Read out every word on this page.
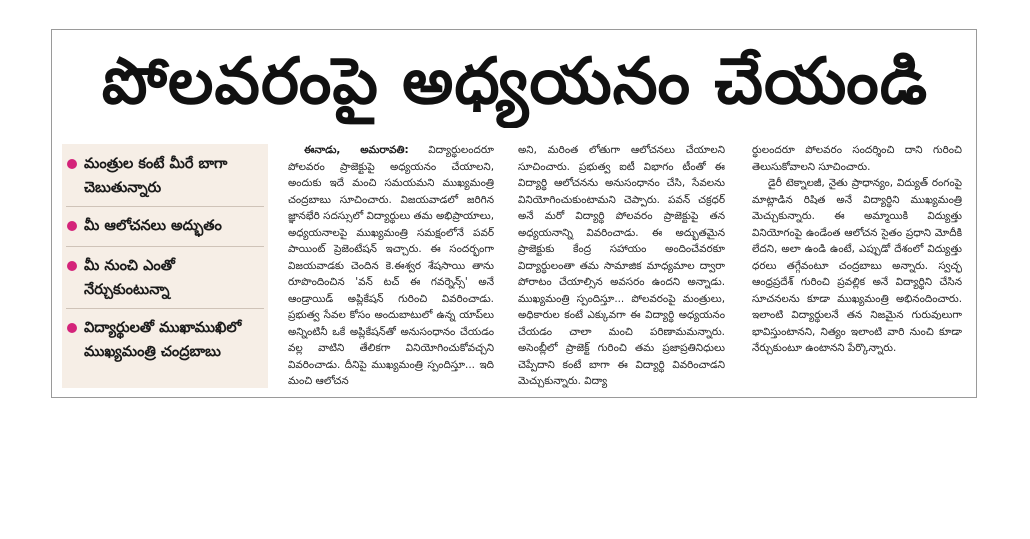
పోలవరంపై అధ్యయనం చేయండి
మంత్రుల కంటే మీరే బాగా చెబుతున్నారు
మీ ఆలోచనలు అద్భుతం
మీ నుంచి ఎంతో నేర్చుకుంటున్నా
విద్యార్థులతో ముఖాముఖిలో ముఖ్యమంత్రి చంద్రబాబు
ఈనాడు, అమరావతి: విద్యార్థులందరూ పోలవరం ప్రాజెక్టుపై అధ్యయనం చేయాలని, అందుకు ఇదే మంచి సమయమని ముఖ్యమంత్రి చంద్రబాబు సూచించారు. విజయవాడలో జరిగిన జ్ఞానభేరి సదస్సులో విద్యార్థులు తమ అభిప్రాయాలు, అధ్యయనాలపై ముఖ్యమంత్రి సమక్షంలోనే పవర్ పాయింట్ ప్రెజెంటేషన్ ఇచ్చారు. ఈ సందర్భంగా విజయవాడకు చెందిన కె.ఈశ్వర శేషసాయి తాను రూపొందించిన 'వన్ టచ్ ఈ గవర్నెన్స్' అనే ఆండ్రాయిడ్ అప్లికేషన్ గురించి వివరించాడు. ప్రభుత్వ సేవల కోసం అందుబాటులో ఉన్న యాప్‌లు అన్నింటినీ ఒకే అప్లికేషన్‌తో అనుసంధానం చేయడం వల్ల వాటిని తేలికగా వినియోగించుకోవచ్చని వివరించాడు. దీనిపై ముఖ్యమంత్రి స్పందిస్తూ... ఇది మంచి ఆలోచన
అని, మరింత లోతుగా ఆలోచనలు చేయాలని సూచించారు. ప్రభుత్వ ఐటీ విభాగం టీంతో ఈ విద్యార్థి ఆలోచనను అనుసంధానం చేసి, సేవలను వినియోగించుకుంటామని చెప్పారు. పవన్ చక్రధర్ అనే మరో విద్యార్థి పోలవరం ప్రాజెక్టుపై తన అధ్యయనాన్ని వివరించాడు. ఈ అద్భుతమైన ప్రాజెక్టుకు కేంద్ర సహాయం అందించేవరకూ విద్యార్థులంతా తమ సామాజిక మాధ్యమాల ద్వారా పోరాటం చేయాల్సిన అవసరం ఉందని అన్నాడు. ముఖ్యమంత్రి స్పందిస్తూ... పోలవరంపై మంత్రులు, అధికారుల కంటే ఎక్కువగా ఈ విద్యార్థి అధ్యయనం చేయడం చాలా మంచి పరిణామమన్నారు. అసెంబ్లీలో ప్రాజెక్ట్ గురించి తమ ప్రజాప్రతినిధులు చెప్పేదాని కంటే బాగా ఈ విద్యార్థి వివరించాడని మెచ్చుకున్నారు. విద్యా
ర్థులందరూ పోలవరం సందర్శించి దాని గురించి తెలుసుకోవాలని సూచించారు.
డైరీ టెక్నాలజీ, నైతు ప్రాధాన్యం, విద్యుత్ రంగంపై మాట్లాడిన రిషిత అనే విద్యార్థిని ముఖ్యమంత్రి మెచ్చుకున్నారు. ఈ అమ్మాయికి విద్యుత్తు వినియోగంపై ఉండేంత ఆలోచన సైతం ప్రధాని మోదీకి లేదని, అలా ఉండి ఉంటే, ఎప్పుడో దేశంలో విద్యుత్తు ధరలు తగ్గేవంటూ చంద్రబాబు అన్నారు. స్వచ్ఛ ఆంధ్రప్రదేశ్ గురించి ప్రవల్లిక అనే విద్యార్థిని చేసిన సూచనలను కూడా ముఖ్యమంత్రి అభినందించారు. ఇలాంటి విద్యార్థులనే తన నిజమైన గురువులుగా భావిస్తుంటానని, నిత్యం ఇలాంటి వారి నుంచి కూడా నేర్చుకుంటూ ఉంటానని పేర్కొన్నారు.
